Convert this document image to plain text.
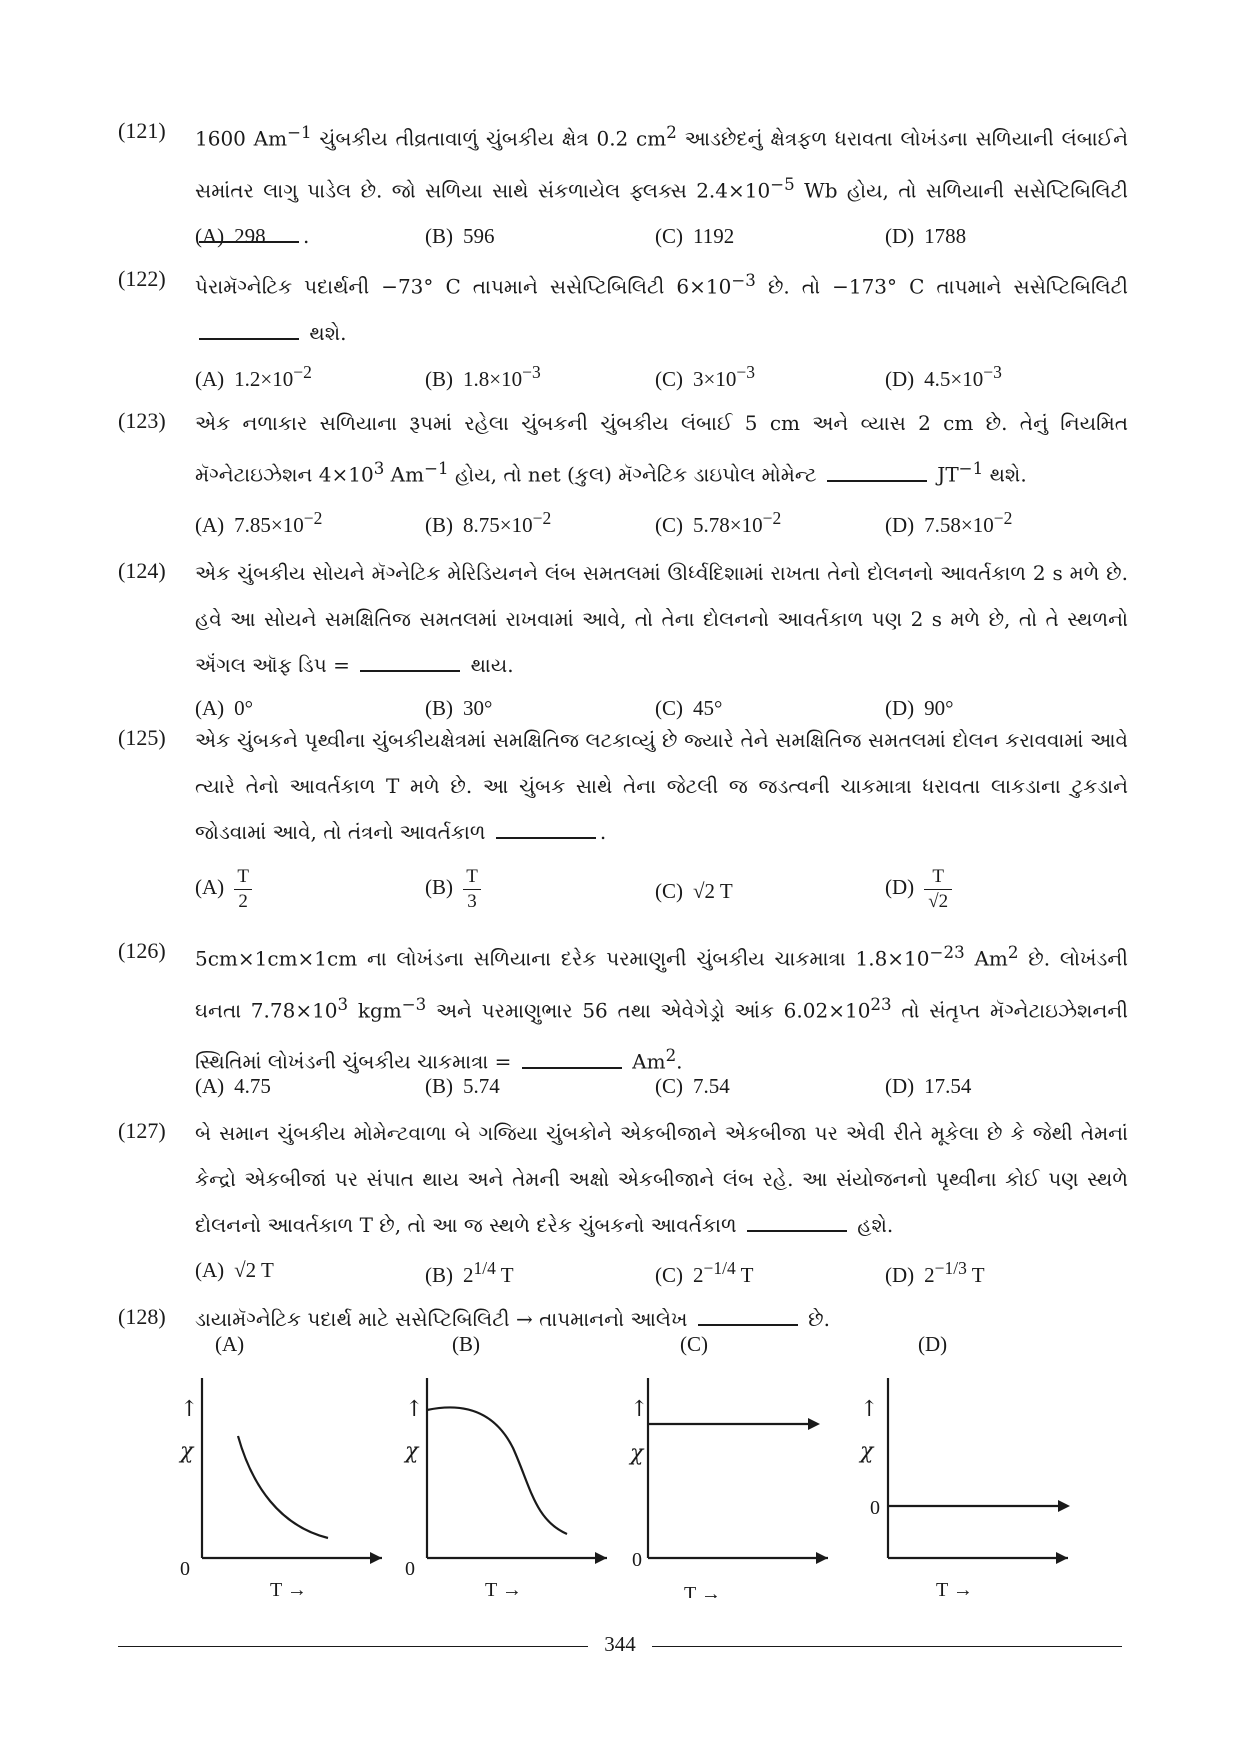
(121) 1600 $Am^{-1}$ ચુંબકીય તીવ્રતાવાળું ચુંબકીય ક્ષેત્ર 0.2 $cm^2$ આડછેદનું ક્ષેત્રફળ ધરાવતા લોખંડના સળિયાની લંબાઈને સમાંતર લાગુ પાડેલ છે. જો સળિયા સાથે સંકળાયેલ ફ્લક્સ $2.4\times 10^{-5}$ Wb હોય, તો સળિયાની સસેપ્ટિબિલિટી .
(A) 298	(B) 596	(C) 1192	(D) 1788
(122) પેરામૅગ્નેટિક પદાર્થની −73° C તાપમાને સસેપ્ટિબિલિટી $6\times 10^{-3}$ છે. તો −173° C તાપમાને સસેપ્ટિબિલિટી  થશે.
(A) $1.2\times 10^{-2}$	(B) $1.8\times 10^{-3}$	(C) $3\times 10^{-3}$	(D) $4.5\times 10^{-3}$
(123) એક નળાકાર સળિયાના રૂપમાં રહેલા ચુંબકની ચુંબકીય લંબાઈ 5 cm અને વ્યાસ 2 cm છે. તેનું નિયમિત મૅગ્નેટાઇઝેશન $4\times 10^3$ $Am^{-1}$ હોય, તો net (કુલ) મૅગ્નેટિક ડાઇપોલ મોમેન્ટ	$JT^{-1}$ થશે.
(A) $7.85\times 10^{-2}$	(B) $8.75\times 10^{-2}$	(C) $5.78\times 10^{-2}$	(D) $7.58\times 10^{-2}$
(124) એક ચુંબકીય સોયને મૅગ્નેટિક મેરિડિયનને લંબ સમતલમાં ઊર્ધ્વદિશામાં રાખતા તેનો દોલનનો આવર્તકાળ 2 s મળે છે. હવે આ સોયને સમક્ષિતિજ સમતલમાં રાખવામાં આવે, તો તેના દોલનનો આવર્તકાળ પણ 2 s મળે છે, તો તે સ્થળનો ઍંગલ ઑફ ડિપ =	થાય.
(A) 0°	(B) 30°	(C) 45°	(D) 90°
(125) એક ચુંબકને પૃથ્વીના ચુંબકીયક્ષેત્રમાં સમક્ષિતિજ લટકાવ્યું છે જ્યારે તેને સમક્ષિતિજ સમતલમાં દોલન કરાવવામાં આવે ત્યારે તેનો આવર્તકાળ T મળે છે. આ ચુંબક સાથે તેના જેટલી જ જડત્વની ચાકમાત્રા ધરાવતા લાકડાના ટુકડાને જોડવામાં આવે, તો તંત્રનો આવર્તકાળ	.
$(A) \frac{T}{2}$	$(B) \frac{T}{3}$	(C) √2 T	$(D) \frac{T}{√2}$
(126) 5cm×1cm×1cm ના લોખંડના સળિયાના દરેક પરમાણુની ચુંબકીય ચાકમાત્રા $1.8\times 10^{-23}$ Am$^2$ છે. લોખંડની ઘનતા $7.78\times 10^3$ kgm$^{-3}$ અને પરમાણુભાર 56 તથા એવેગેડ્રો આંક $6.02\times 10^{23}$ તો સંતૃપ્ત મૅગ્નેટાઇઝેશનની સ્થિતિમાં લોખંડની ચુંબકીય ચાકમાત્રા =	$Am^2$.
(A) 4.75	(B) 5.74	(C) 7.54	(D) 17.54
(127) બે સમાન ચુંબકીય મોમેન્ટવાળા બે ગજિયા ચુંબકોને એકબીજાને એકબીજા પર એવી રીતે મૂકેલા છે કે જેથી તેમનાં કેન્દ્રો એકબીજાં પર સંપાત થાય અને તેમની અક્ષો એકબીજાને લંબ રહે. આ સંયોજનનો પૃથ્વીના કોઈ પણ સ્થળે દોલનનો આવર્તકાળ T છે, તો આ જ સ્થળે દરેક ચુંબકનો આવર્તકાળ	હશે.
(A) √2 T	(B) $2^{1/4}$ T	(C) $2^{-1/4}$ T	(D) $2^{-1/3}$ T
(128) ડાયામૅગ્નેટિક પદાર્થ માટે સસેપ્ટિબિલિટી → તાપમાનનો આલેખ	છે.
(A)
↑
χ
0
T →
(B)
↑
χ
0
T →
(C)
↑
χ
0
T →
(D)
↑
χ
0
T →
344
